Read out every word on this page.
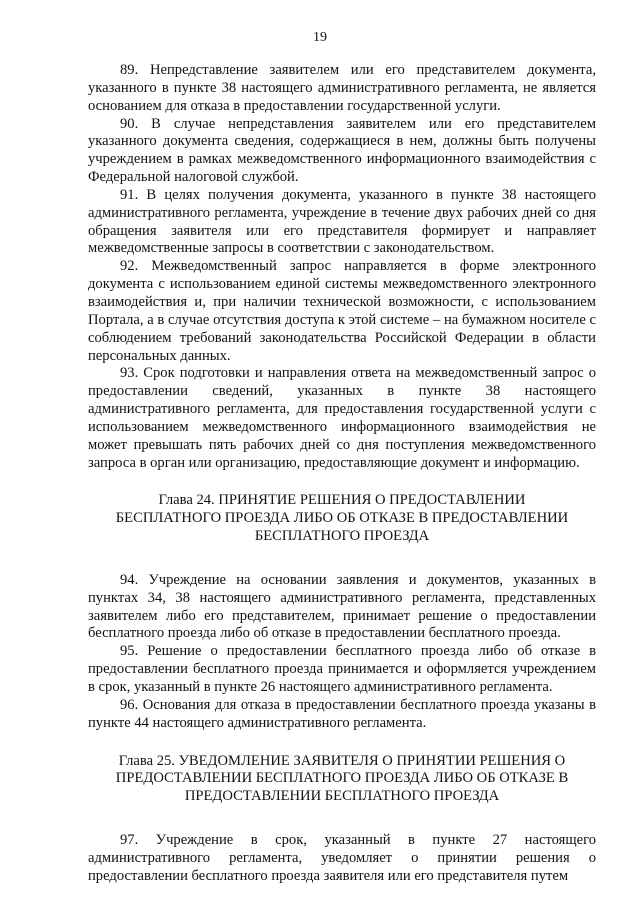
19

89. Непредставление заявителем или его представителем документа, указанного в пункте 38 настоящего административного регламента, не является основанием для отказа в предоставлении государственной услуги.

90. В случае непредставления заявителем или его представителем указанного документа сведения, содержащиеся в нем, должны быть получены учреждением в рамках межведомственного информационного взаимодействия с Федеральной налоговой службой.

91. В целях получения документа, указанного в пункте 38 настоящего административного регламента, учреждение в течение двух рабочих дней со дня обращения заявителя или его представителя формирует и направляет межведомственные запросы в соответствии с законодательством.

92. Межведомственный запрос направляется в форме электронного документа с использованием единой системы межведомственного электронного взаимодействия и, при наличии технической возможности, с использованием Портала, а в случае отсутствия доступа к этой системе – на бумажном носителе с соблюдением требований законодательства Российской Федерации в области персональных данных.

93. Срок подготовки и направления ответа на межведомственный запрос о предоставлении сведений, указанных в пункте 38 настоящего административного регламента, для предоставления государственной услуги с использованием межведомственного информационного взаимодействия не может превышать пять рабочих дней со дня поступления межведомственного запроса в орган или организацию, предоставляющие документ и информацию.

Глава 24. ПРИНЯТИЕ РЕШЕНИЯ О ПРЕДОСТАВЛЕНИИ
БЕСПЛАТНОГО ПРОЕЗДА ЛИБО ОБ ОТКАЗЕ В ПРЕДОСТАВЛЕНИИ
БЕСПЛАТНОГО ПРОЕЗДА

94. Учреждение на основании заявления и документов, указанных в пунктах 34, 38 настоящего административного регламента, представленных заявителем либо его представителем, принимает решение о предоставлении бесплатного проезда либо об отказе в предоставлении бесплатного проезда.

95. Решение о предоставлении бесплатного проезда либо об отказе в предоставлении бесплатного проезда принимается и оформляется учреждением в срок, указанный в пункте 26 настоящего административного регламента.

96. Основания для отказа в предоставлении бесплатного проезда указаны в пункте 44 настоящего административного регламента.

Глава 25. УВЕДОМЛЕНИЕ ЗАЯВИТЕЛЯ О ПРИНЯТИИ РЕШЕНИЯ О
ПРЕДОСТАВЛЕНИИ БЕСПЛАТНОГО ПРОЕЗДА ЛИБО ОБ ОТКАЗЕ В
ПРЕДОСТАВЛЕНИИ БЕСПЛАТНОГО ПРОЕЗДА

97. Учреждение в срок, указанный в пункте 27 настоящего административного регламента, уведомляет о принятии решения о предоставлении бесплатного проезда заявителя или его представителя путем
